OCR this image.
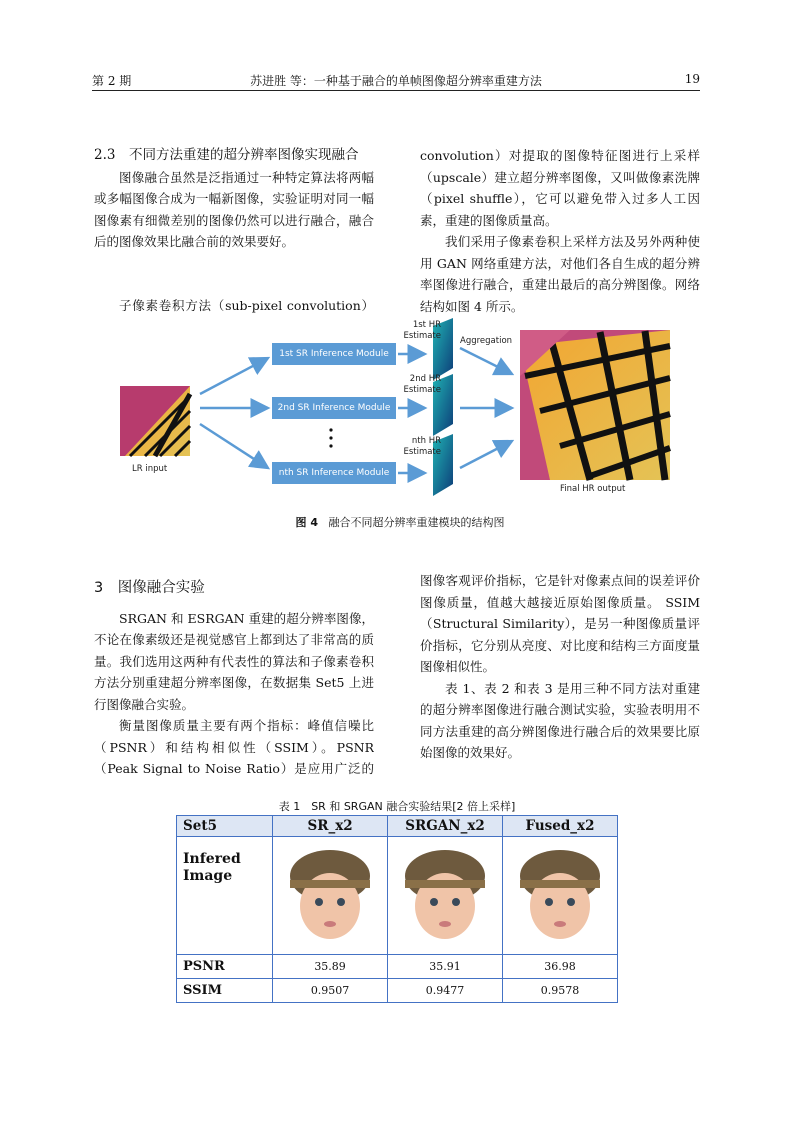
第 2 期	苏进胜 等：一种基于融合的单帧图像超分辨率重建方法	19

2.3　不同方法重建的超分辨率图像实现融合

图像融合虽然是泛指通过一种特定算法将两幅或多幅图像合成为一幅新图像，实验证明对同一幅图像素有细微差别的图像仍然可以进行融合，融合后的图像效果比融合前的效果要好。

子像素卷积方法（sub-pixel convolution）

convolution）对提取的图像特征图进行上采样（upscale）建立超分辨率图像，又叫做像素洗牌（pixel shuffle），它可以避免带入过多人工因素，重建的图像质量高。

我们采用子像素卷积上采样方法及另外两种使用 GAN 网络重建方法，对他们各自生成的超分辨率图像进行融合，重建出最后的高分辨图像。网络结构如图 4 所示。

1st SR Inference Module
2nd SR Inference Module
nth SR Inference Module
1st HR Estimate
2nd HR Estimate
nth HR Estimate
Aggregation
LR input
Final HR output
图 4 融合不同超分辨率重建模块的结构图

3　图像融合实验

SRGAN 和 ESRGAN 重建的超分辨率图像，不论在像素级还是视觉感官上都到达了非常高的质量。我们选用这两种有代表性的算法和子像素卷积方法分别重建超分辨率图像，在数据集 Set5 上进行图像融合实验。

衡量图像质量主要有两个指标：峰值信噪比（PSNR）和结构相似性（SSIM）。PSNR（Peak Signal to Noise Ratio）是应用广泛的

图像客观评价指标，它是针对像素点间的误差评价图像质量，值越大越接近原始图像质量。 SSIM（Structural Similarity），是另一种图像质量评价指标，它分别从亮度、对比度和结构三方面度量图像相似性。

表 1、表 2 和表 3 是用三种不同方法对重建的超分辨率图像进行融合测试实验，实验表明用不同方法重建的高分辨图像进行融合后的效果要比原始图像的效果好。

表 1　SR 和 SRGAN 融合实验结果[2 倍上采样]
Set5	SR_x2	SRGAN_x2	Fused_x2
Infered Image	

PSNR	35.89	35.91	36.98
SSIM	0.9507	0.9477	0.9578
